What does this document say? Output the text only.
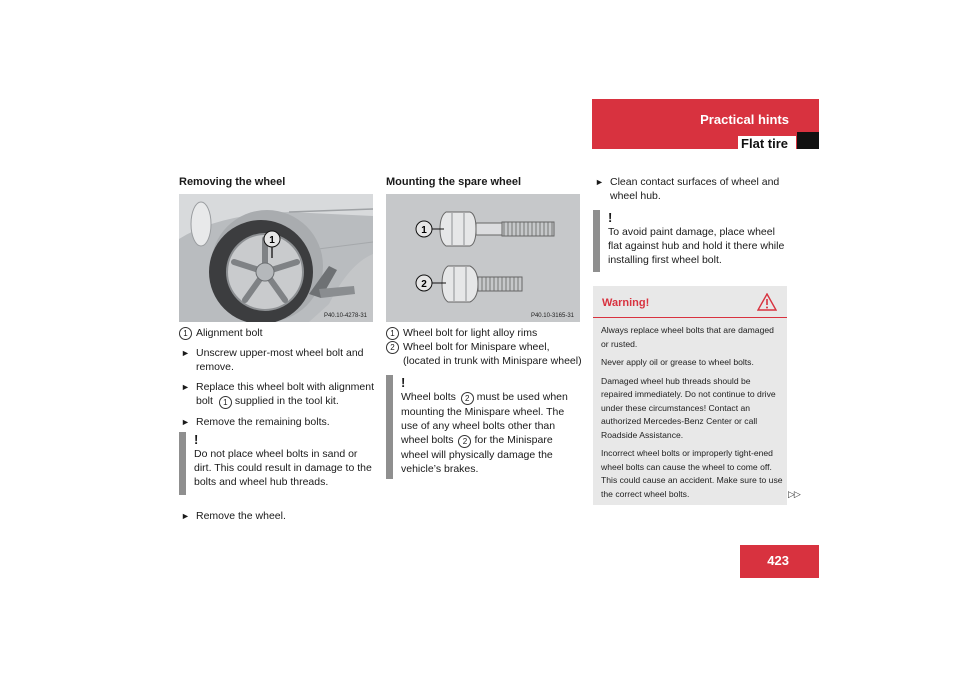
Practical hints
Flat tire
Removing the wheel
1
P40.10-4278-31
1 Alignment bolt
► Unscrew upper-most wheel bolt and remove.
► Replace this wheel bolt with alignment bolt 1 supplied in the tool kit.
► Remove the remaining bolts.
!
Do not place wheel bolts in sand or dirt. This could result in damage to the bolts and wheel hub threads.
► Remove the wheel.
Mounting the spare wheel
1
2
P40.10-3165-31
1 Wheel bolt for light alloy rims
2 Wheel bolt for Minispare wheel, (located in trunk with Minispare wheel)
!
Wheel bolts 2 must be used when mounting the Minispare wheel. The use of any wheel bolts other than wheel bolts 2 for the Minispare wheel will physically damage the vehicle’s brakes.
► Clean contact surfaces of wheel and wheel hub.
!
To avoid paint damage, place wheel flat against hub and hold it there while installing first wheel bolt.
Warning!

Always replace wheel bolts that are damaged or rusted.

Never apply oil or grease to wheel bolts.

Damaged wheel hub threads should be repaired immediately. Do not continue to drive under these circumstances! Contact an authorized Mercedes-Benz Center or call Roadside Assistance.

Incorrect wheel bolts or improperly tight-ened wheel bolts can cause the wheel to come off. This could cause an accident. Make sure to use the correct wheel bolts.	▷▷
423
